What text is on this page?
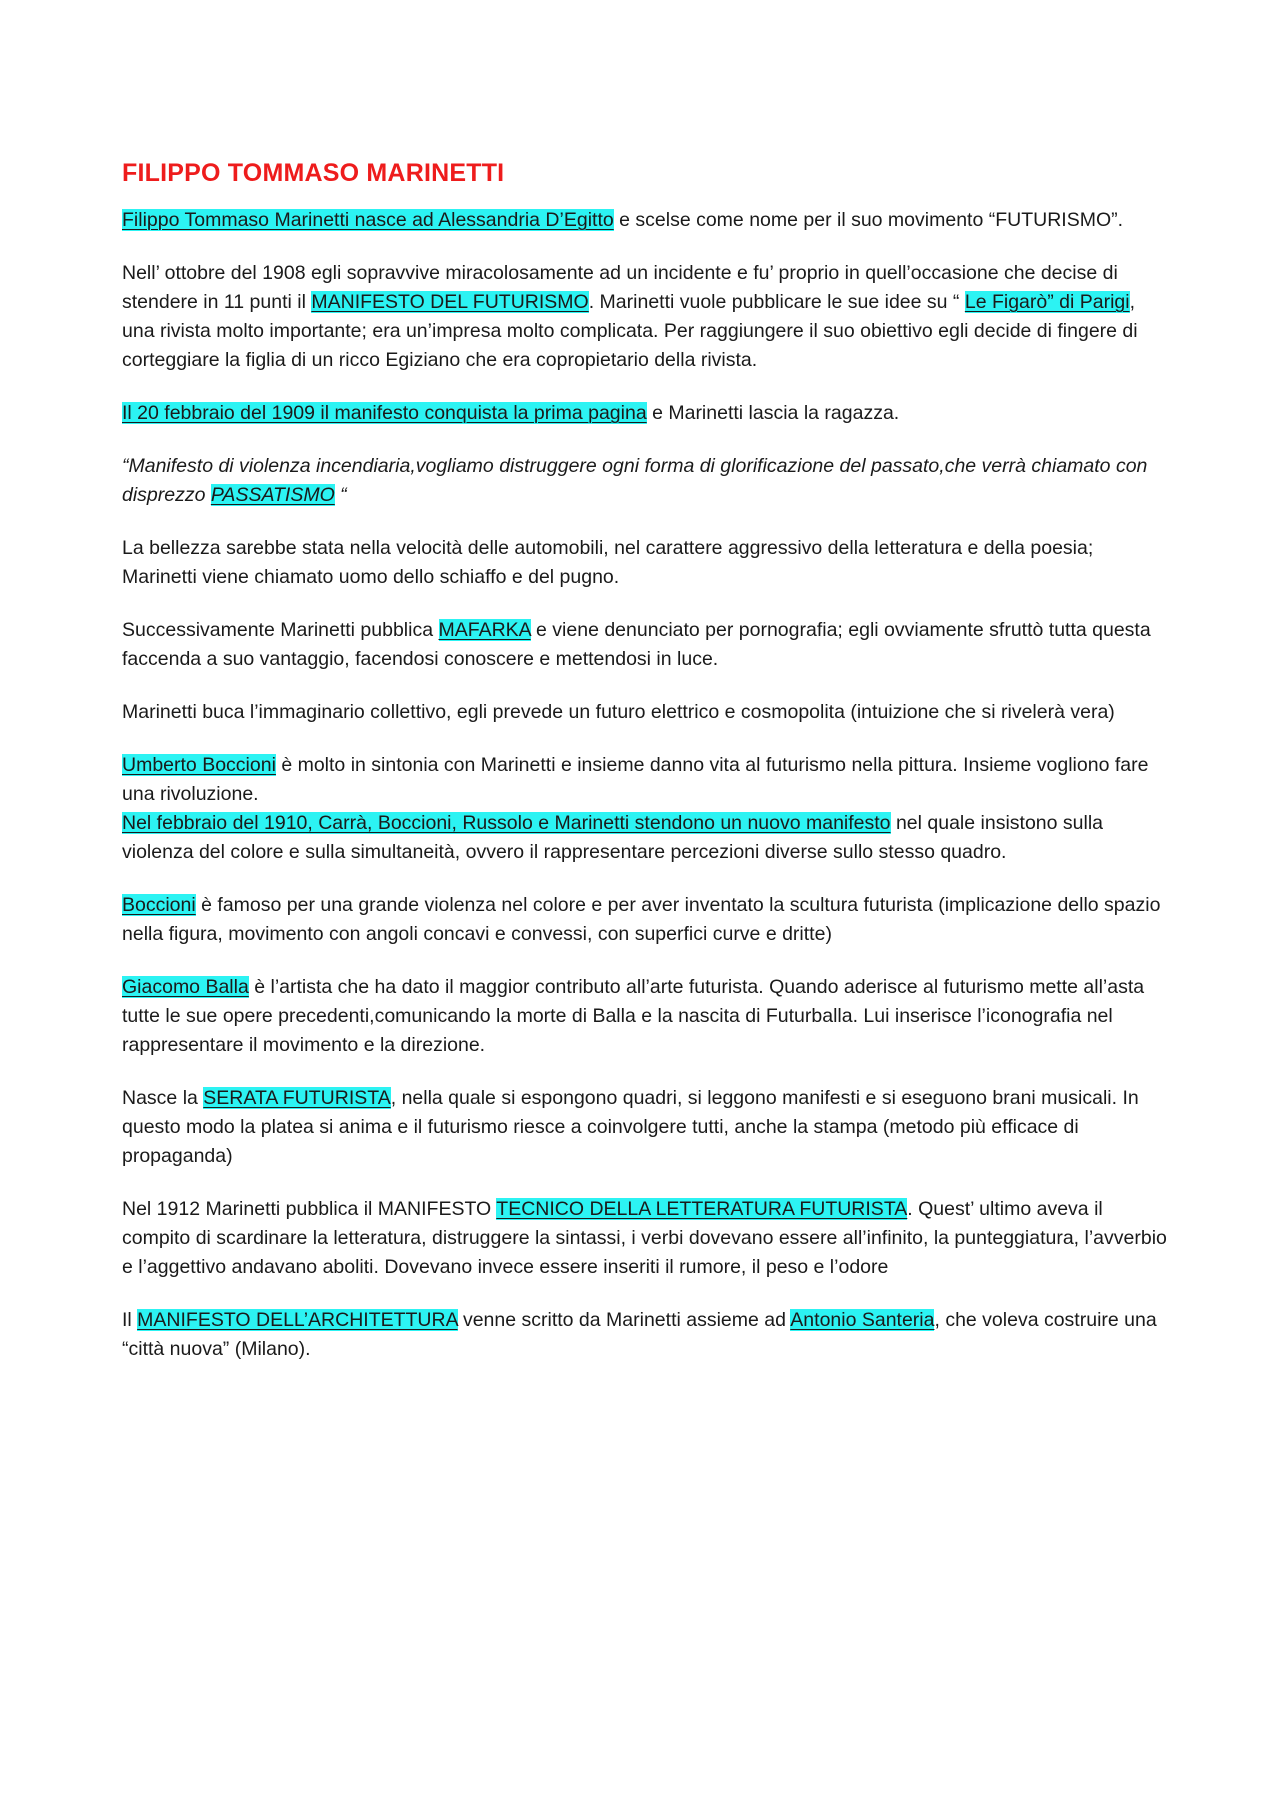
FILIPPO TOMMASO MARINETTI

Filippo Tommaso Marinetti nasce ad Alessandria D’Egitto e scelse come nome per il suo movimento “FUTURISMO”.

Nell’ ottobre del 1908 egli sopravvive miracolosamente ad un incidente e fu’ proprio in quell’occasione che decise di stendere in 11 punti il MANIFESTO DEL FUTURISMO. Marinetti vuole pubblicare le sue idee su “ Le Figarò” di Parigi, una rivista molto importante; era un’impresa molto complicata. Per raggiungere il suo obiettivo egli decide di fingere di corteggiare la figlia di un ricco Egiziano che era copropietario della rivista.

Il 20 febbraio del 1909 il manifesto conquista la prima pagina e Marinetti lascia la ragazza.

“Manifesto di violenza incendiaria,vogliamo distruggere ogni forma di glorificazione del passato,che verrà chiamato con disprezzo PASSATISMO “

La bellezza sarebbe stata nella velocità delle automobili, nel carattere aggressivo della letteratura e della poesia; Marinetti viene chiamato uomo dello schiaffo e del pugno.

Successivamente Marinetti pubblica MAFARKA e viene denunciato per pornografia; egli ovviamente sfruttò tutta questa faccenda a suo vantaggio, facendosi conoscere e mettendosi in luce.

Marinetti buca l’immaginario collettivo, egli prevede un futuro elettrico e cosmopolita (intuizione che si rivelerà vera)

Umberto Boccioni è molto in sintonia con Marinetti e insieme danno vita al futurismo nella pittura. Insieme vogliono fare una rivoluzione.

Nel febbraio del 1910, Carrà, Boccioni, Russolo e Marinetti stendono un nuovo manifesto nel quale insistono sulla violenza del colore e sulla simultaneità, ovvero il rappresentare percezioni diverse sullo stesso quadro.

Boccioni è famoso per una grande violenza nel colore e per aver inventato la scultura futurista (implicazione dello spazio nella figura, movimento con angoli concavi e convessi, con superfici curve e dritte)

Giacomo Balla è l’artista che ha dato il maggior contributo all’arte futurista. Quando aderisce al futurismo mette all’asta tutte le sue opere precedenti,comunicando la morte di Balla e la nascita di Futurballa. Lui inserisce l’iconografia nel rappresentare il movimento e la direzione.

Nasce la SERATA FUTURISTA, nella quale si espongono quadri, si leggono manifesti e si eseguono brani musicali. In questo modo la platea si anima e il futurismo riesce a coinvolgere tutti, anche la stampa (metodo più efficace di propaganda)

Nel 1912 Marinetti pubblica il MANIFESTO TECNICO DELLA LETTERATURA FUTURISTA. Quest’ ultimo aveva il compito di scardinare la letteratura, distruggere la sintassi, i verbi dovevano essere all’infinito, la punteggiatura, l’avverbio e l’aggettivo andavano aboliti. Dovevano invece essere inseriti il rumore, il peso e l’odore

Il MANIFESTO DELL’ARCHITETTURA venne scritto da Marinetti assieme ad Antonio Santeria, che voleva costruire una “città nuova” (Milano).
